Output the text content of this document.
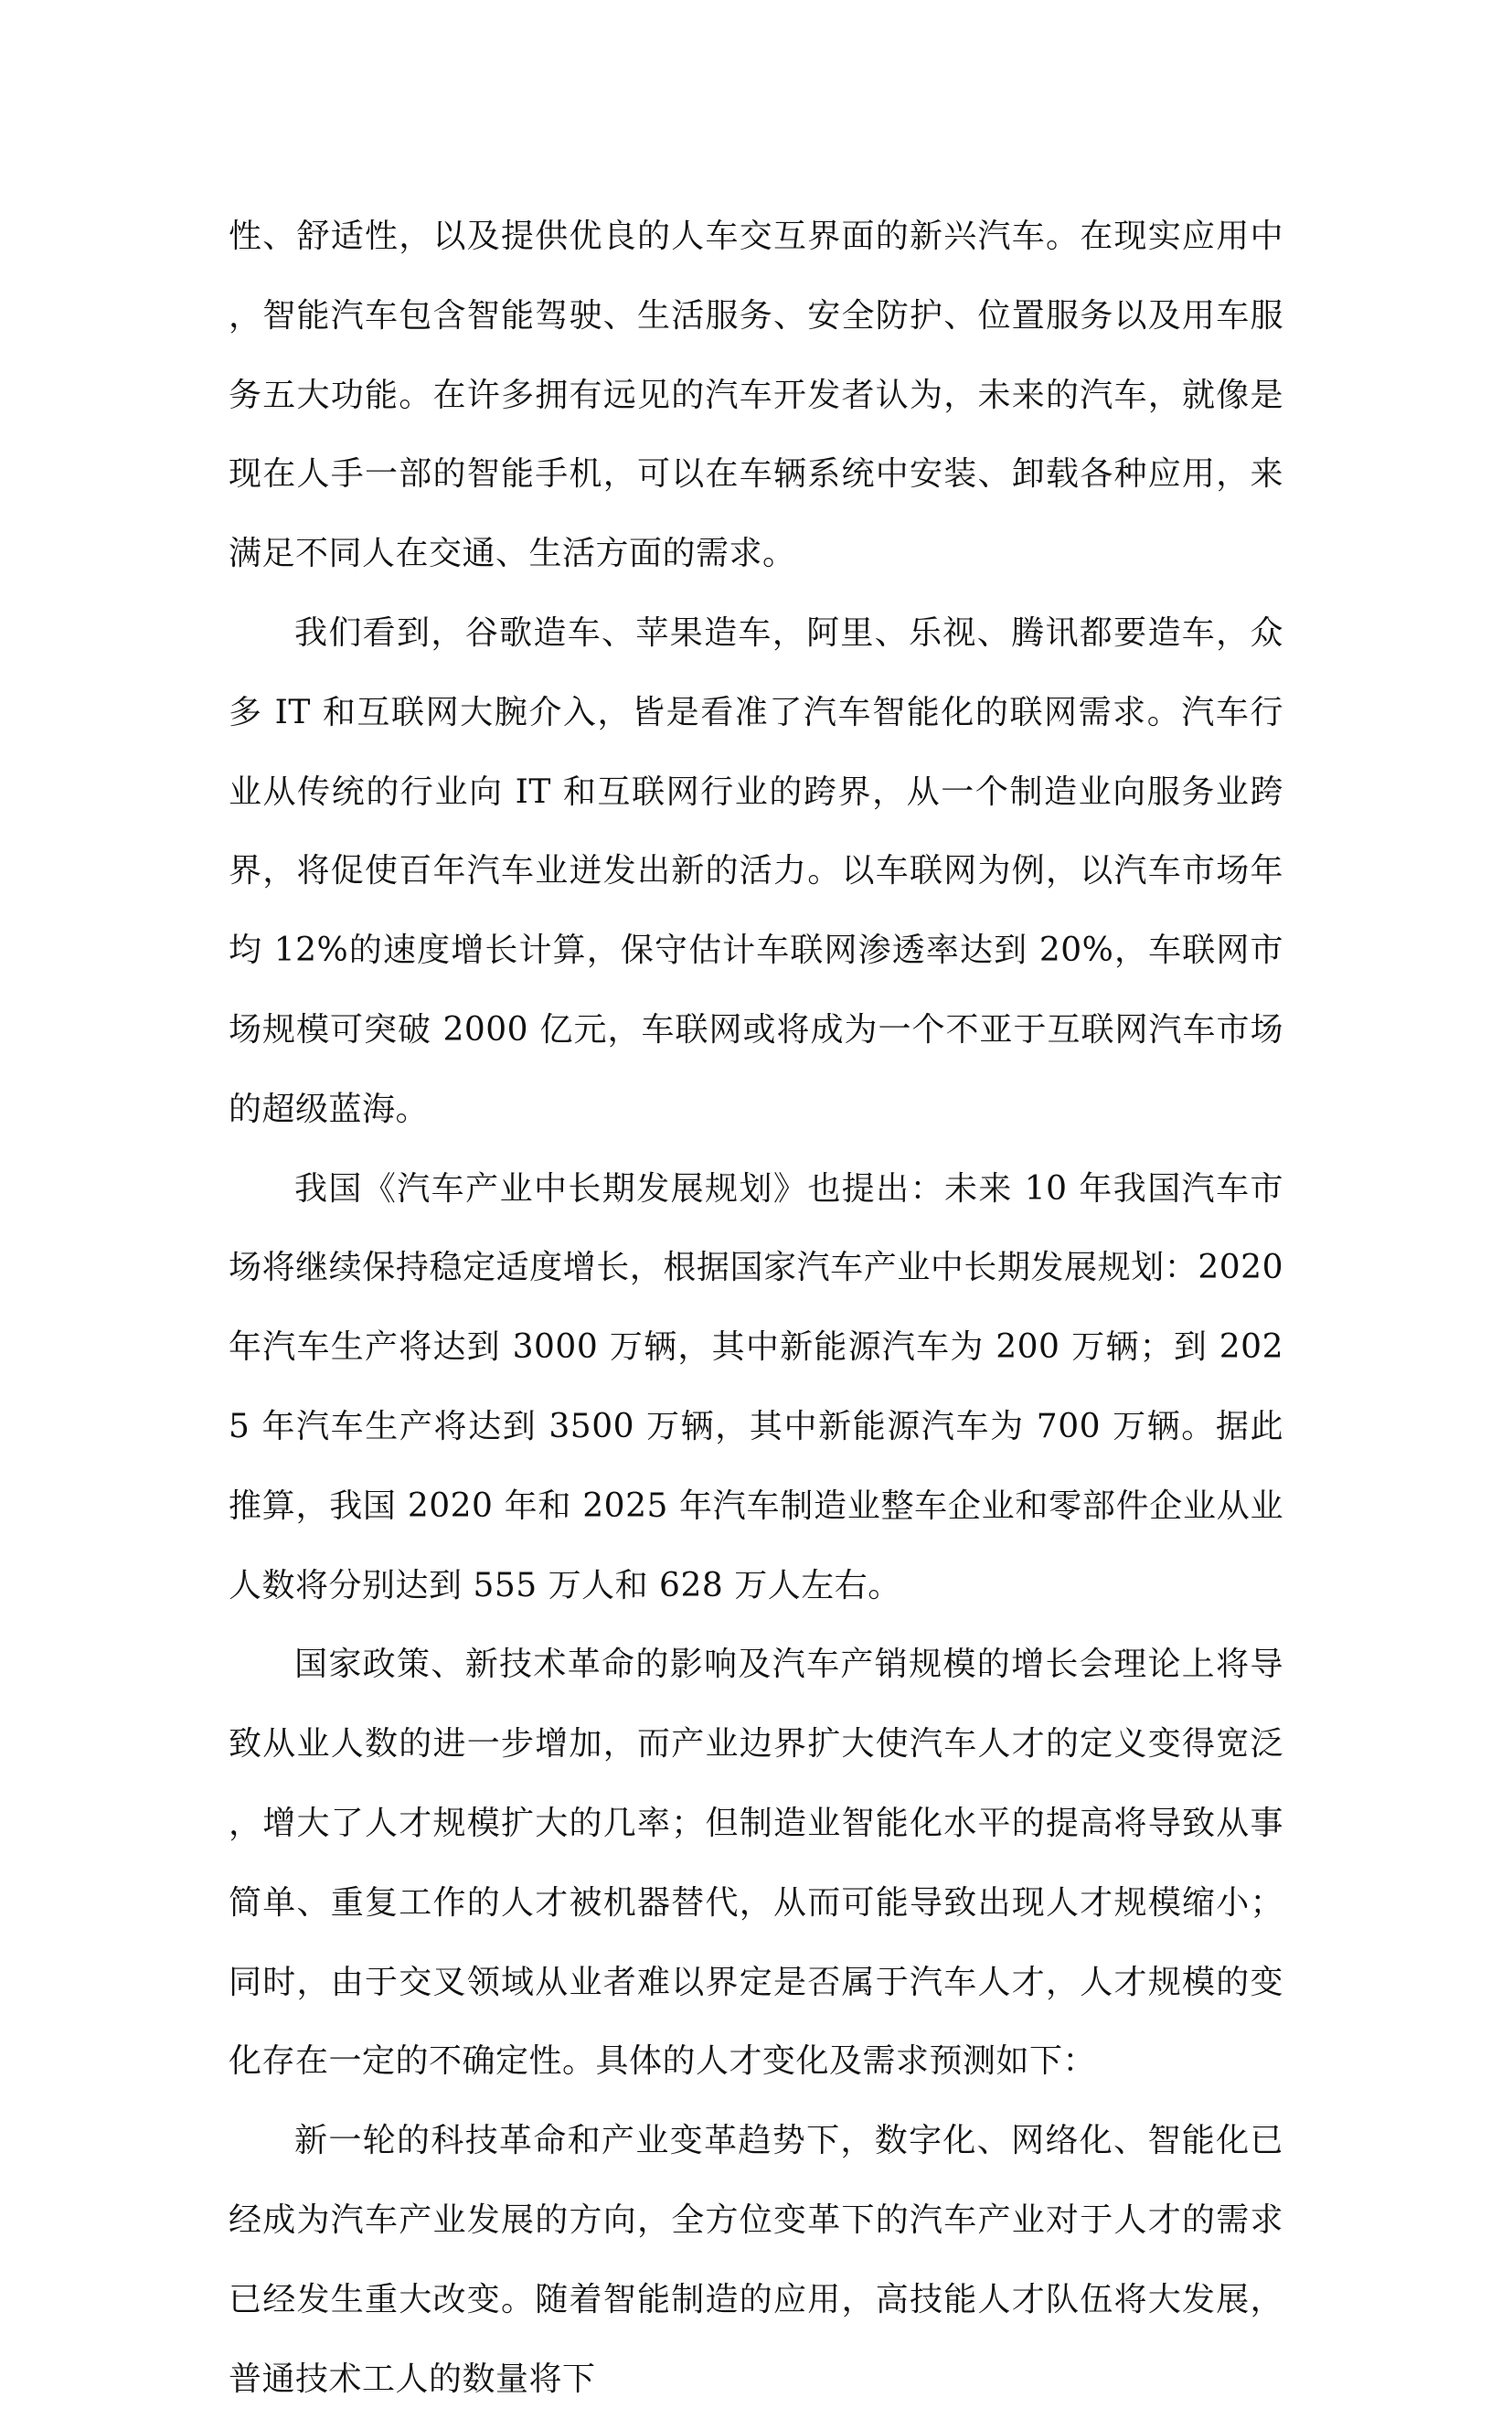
性、舒适性，以及提供优良的人车交互界面的新兴汽车。在现实应用中，智能汽车包含智能驾驶、生活服务、安全防护、位置服务以及用车服务五大功能。在许多拥有远见的汽车开发者认为，未来的汽车，就像是现在人手一部的智能手机，可以在车辆系统中安装、卸载各种应用，来满足不同人在交通、生活方面的需求。

我们看到，谷歌造车、苹果造车，阿里、乐视、腾讯都要造车，众多 IT 和互联网大腕介入，皆是看准了汽车智能化的联网需求。汽车行业从传统的行业向 IT 和互联网行业的跨界，从一个制造业向服务业跨界，将促使百年汽车业迸发出新的活力。以车联网为例，以汽车市场年均 12%的速度增长计算，保守估计车联网渗透率达到 20%，车联网市场规模可突破 2000 亿元，车联网或将成为一个不亚于互联网汽车市场的超级蓝海。

我国《汽车产业中长期发展规划》也提出：未来 10 年我国汽车市场将继续保持稳定适度增长，根据国家汽车产业中长期发展规划：2020 年汽车生产将达到 3000 万辆，其中新能源汽车为 200 万辆；到 2025 年汽车生产将达到 3500 万辆，其中新能源汽车为 700 万辆。据此推算，我国 2020 年和 2025 年汽车制造业整车企业和零部件企业从业人数将分别达到 555 万人和 628 万人左右。

国家政策、新技术革命的影响及汽车产销规模的增长会理论上将导致从业人数的进一步增加，而产业边界扩大使汽车人才的定义变得宽泛，增大了人才规模扩大的几率；但制造业智能化水平的提高将导致从事简单、重复工作的人才被机器替代，从而可能导致出现人才规模缩小；同时，由于交叉领域从业者难以界定是否属于汽车人才，人才规模的变化存在一定的不确定性。具体的人才变化及需求预测如下：

新一轮的科技革命和产业变革趋势下，数字化、网络化、智能化已经成为汽车产业发展的方向，全方位变革下的汽车产业对于人才的需求已经发生重大改变。随着智能制造的应用，高技能人才队伍将大发展，普通技术工人的数量将下
